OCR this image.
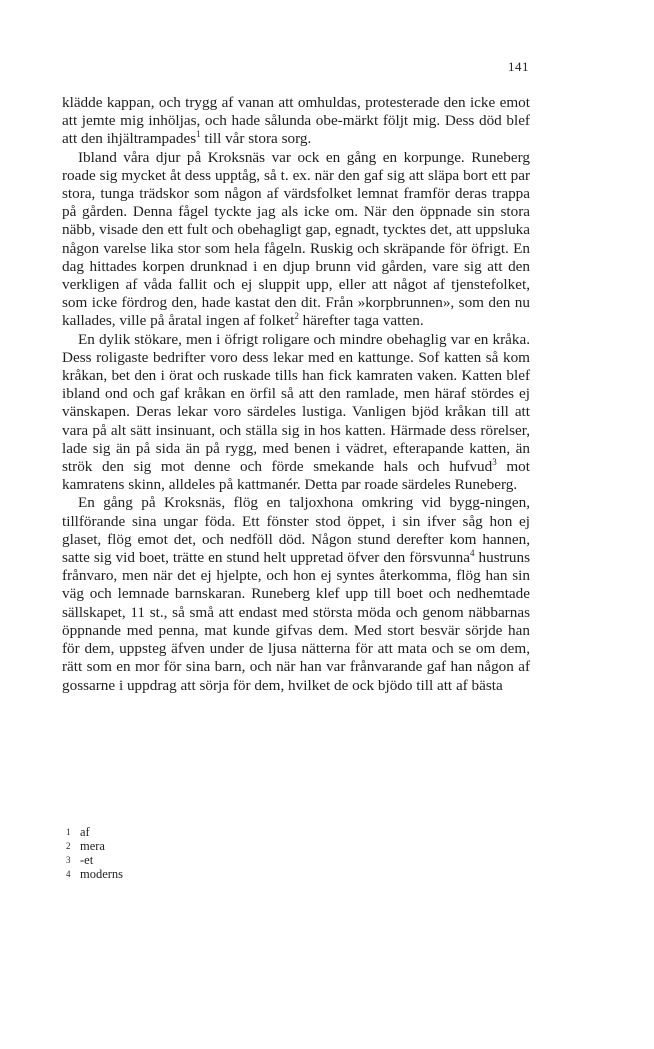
141

klädde kappan, och trygg af vanan att omhuldas, protesterade den icke emot att jemte mig inhöljas, och hade sålunda obe-märkt följt mig. Dess död blef att den ihjältrampades$^1$ till vår stora sorg.

Ibland våra djur på Kroksnäs var ock en gång en korpunge. Runeberg roade sig mycket åt dess upptåg, så t. ex. när den gaf sig att släpa bort ett par stora, tunga trädskor som någon af värdsfolket lemnat framför deras trappa på gården. Denna fågel tyckte jag als icke om. När den öppnade sin stora näbb, visade den ett fult och obehagligt gap, egnadt, tycktes det, att uppsluka någon varelse lika stor som hela fågeln. Ruskig och skräpande för öfrigt. En dag hittades korpen drunknad i en djup brunn vid gården, vare sig att den verkligen af våda fallit och ej sluppit upp, eller att något af tjenstefolket, som icke fördrog den, hade kastat den dit. Från »korpbrunnen», som den nu kallades, ville på åratal ingen af folket$^2$ härefter taga vatten.

En dylik stökare, men i öfrigt roligare och mindre obehaglig var en kråka. Dess roligaste bedrifter voro dess lekar med en kattunge. Sof katten så kom kråkan, bet den i örat och ruskade tills han fick kamraten vaken. Katten blef ibland ond och gaf kråkan en örfil så att den ramlade, men häraf stördes ej vänskapen. Deras lekar voro särdeles lustiga. Vanligen bjöd kråkan till att vara på alt sätt insinuant, och ställa sig in hos katten. Härmade dess rörelser, lade sig än på sida än på rygg, med benen i vädret, efterapande katten, än strök den sig mot denne och förde smekande hals och hufvud$^3$ mot kamratens skinn, alldeles på kattmanér. Detta par roade särdeles Runeberg.

En gång på Kroksnäs, flög en taljoxhona omkring vid bygg-ningen, tillförande sina ungar föda. Ett fönster stod öppet, i sin ifver såg hon ej glaset, flög emot det, och nedföll död. Någon stund derefter kom hannen, satte sig vid boet, trätte en stund helt uppretad öfver den försvunna$^4$ hustruns frånvaro, men när det ej hjelpte, och hon ej syntes återkomma, flög han sin väg och lemnade barnskaran. Runeberg klef upp till boet och nedhemtade sällskapet, 11 st., så små att endast med största möda och genom näbbarnas öppnande med penna, mat kunde gifvas dem. Med stort besvär sörjde han för dem, uppsteg äfven under de ljusa nätterna för att mata och se om dem, rätt som en mor för sina barn, och när han var frånvarande gaf han någon af gossarne i uppdrag att sörja för dem, hvilket de ock bjödo till att af bästa

1 af
2 mera
3 -et
4 moderns
